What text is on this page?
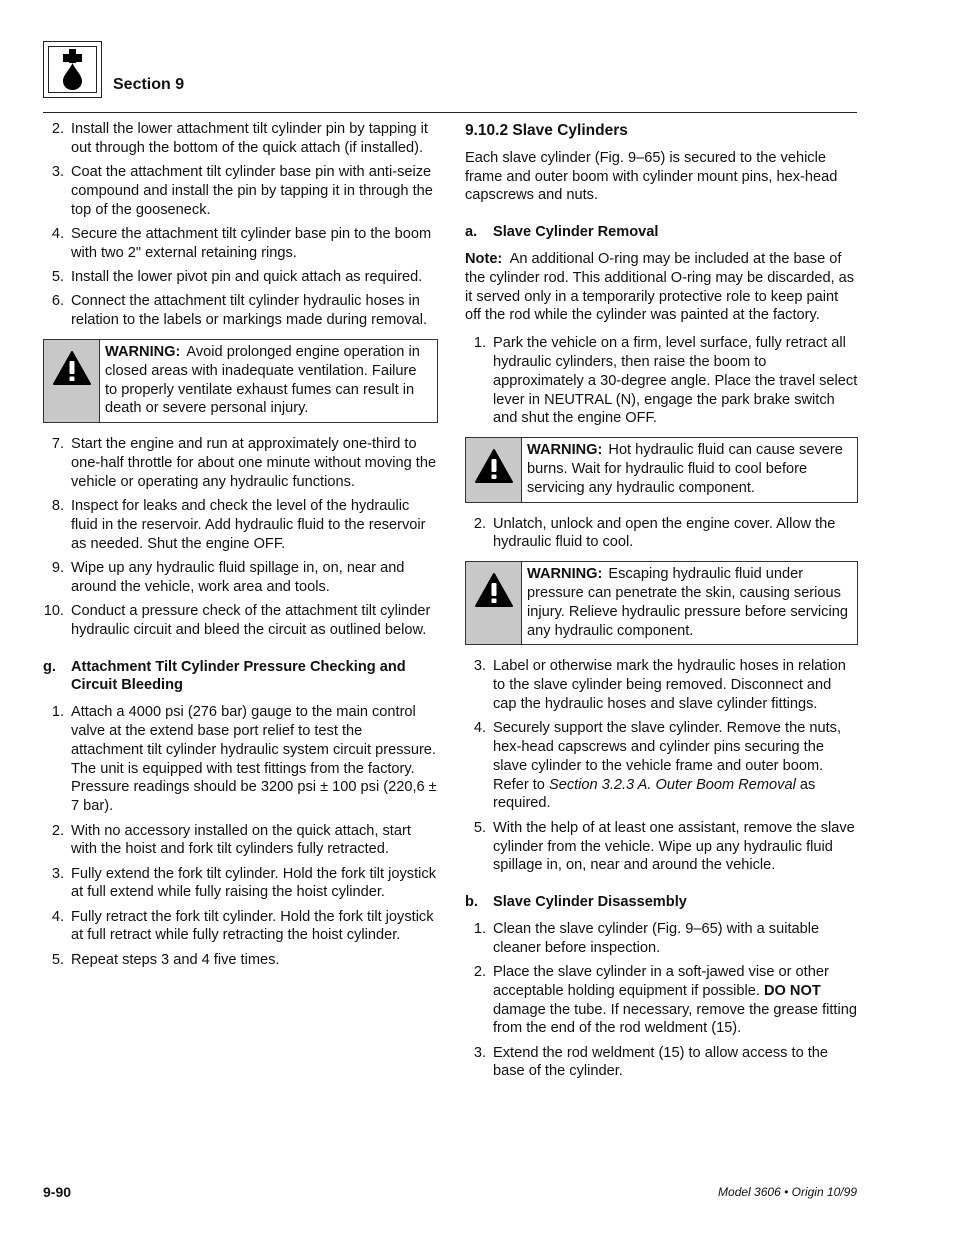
Section 9
2. Install the lower attachment tilt cylinder pin by tapping it out through the bottom of the quick attach (if installed).
3. Coat the attachment tilt cylinder base pin with anti-seize compound and install the pin by tapping it in through the top of the gooseneck.
4. Secure the attachment tilt cylinder base pin to the boom with two 2" external retaining rings.
5. Install the lower pivot pin and quick attach as required.
6. Connect the attachment tilt cylinder hydraulic hoses in relation to the labels or markings made during removal.
WARNING: Avoid prolonged engine operation in closed areas with inadequate ventilation. Failure to properly ventilate exhaust fumes can result in death or severe personal injury.
7. Start the engine and run at approximately one-third to one-half throttle for about one minute without moving the vehicle or operating any hydraulic functions.
8. Inspect for leaks and check the level of the hydraulic fluid in the reservoir. Add hydraulic fluid to the reservoir as needed. Shut the engine OFF.
9. Wipe up any hydraulic fluid spillage in, on, near and around the vehicle, work area and tools.
10. Conduct a pressure check of the attachment tilt cylinder hydraulic circuit and bleed the circuit as outlined below.
g. Attachment Tilt Cylinder Pressure Checking and Circuit Bleeding
1. Attach a 4000 psi (276 bar) gauge to the main control valve at the extend base port relief to test the attachment tilt cylinder hydraulic system circuit pressure. The unit is equipped with test fittings from the factory. Pressure readings should be 3200 psi ± 100 psi (220,6 ± 7 bar).
2. With no accessory installed on the quick attach, start with the hoist and fork tilt cylinders fully retracted.
3. Fully extend the fork tilt cylinder. Hold the fork tilt joystick at full extend while fully raising the hoist cylinder.
4. Fully retract the fork tilt cylinder. Hold the fork tilt joystick at full retract while fully retracting the hoist cylinder.
5. Repeat steps 3 and 4 five times.
9.10.2 Slave Cylinders
Each slave cylinder (Fig. 9–65) is secured to the vehicle frame and outer boom with cylinder mount pins, hex-head capscrews and nuts.
a. Slave Cylinder Removal
Note: An additional O-ring may be included at the base of the cylinder rod. This additional O-ring may be discarded, as it served only in a temporarily protective role to keep paint off the rod while the cylinder was painted at the factory.
1. Park the vehicle on a firm, level surface, fully retract all hydraulic cylinders, then raise the boom to approximately a 30-degree angle. Place the travel select lever in NEUTRAL (N), engage the park brake switch and shut the engine OFF.
WARNING: Hot hydraulic fluid can cause severe burns. Wait for hydraulic fluid to cool before servicing any hydraulic component.
2. Unlatch, unlock and open the engine cover. Allow the hydraulic fluid to cool.
WARNING: Escaping hydraulic fluid under pressure can penetrate the skin, causing serious injury. Relieve hydraulic pressure before servicing any hydraulic component.
3. Label or otherwise mark the hydraulic hoses in relation to the slave cylinder being removed. Disconnect and cap the hydraulic hoses and slave cylinder fittings.
4. Securely support the slave cylinder. Remove the nuts, hex-head capscrews and cylinder pins securing the slave cylinder to the vehicle frame and outer boom. Refer to Section 3.2.3 A. Outer Boom Removal as required.
5. With the help of at least one assistant, remove the slave cylinder from the vehicle. Wipe up any hydraulic fluid spillage in, on, near and around the vehicle.
b. Slave Cylinder Disassembly
1. Clean the slave cylinder (Fig. 9–65) with a suitable cleaner before inspection.
2. Place the slave cylinder in a soft-jawed vise or other acceptable holding equipment if possible. DO NOT damage the tube. If necessary, remove the grease fitting from the end of the rod weldment (15).
3. Extend the rod weldment (15) to allow access to the base of the cylinder.
9-90	Model 3606 • Origin 10/99
